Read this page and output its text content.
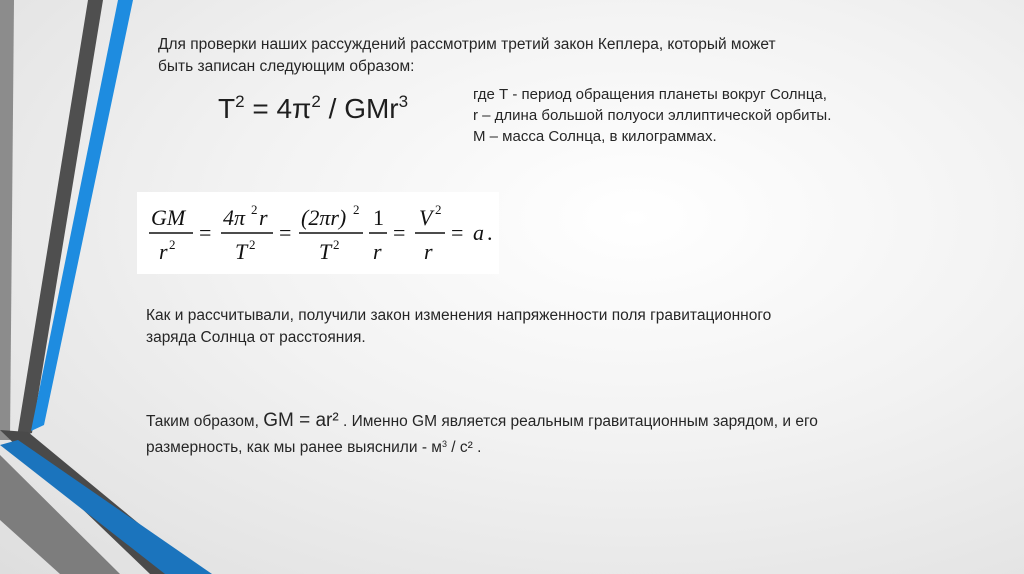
Для проверки наших рассуждений рассмотрим третий закон Кеплера, который может
быть записан следующим образом:
$T^2 = 4\pi^2 / GMr^3$	где Т - период обращения планеты вокруг Солнца,
r – длина большой полуоси эллиптической орбиты.
М – масса Солнца, в килограммах.
GM
r 2 =
4π 2 r
T 2 =
(2πr) 2
T 2
1
r
=
V 2
r
= a .
Как и рассчитывали, получили закон изменения напряженности поля гравитационного
заряда Солнца от расстояния.
Таким образом, GM = ar² . Именно GM является реальным гравитационным зарядом, и его
размерность, как мы ранее выяснили - $м^3 / с^2$ .
